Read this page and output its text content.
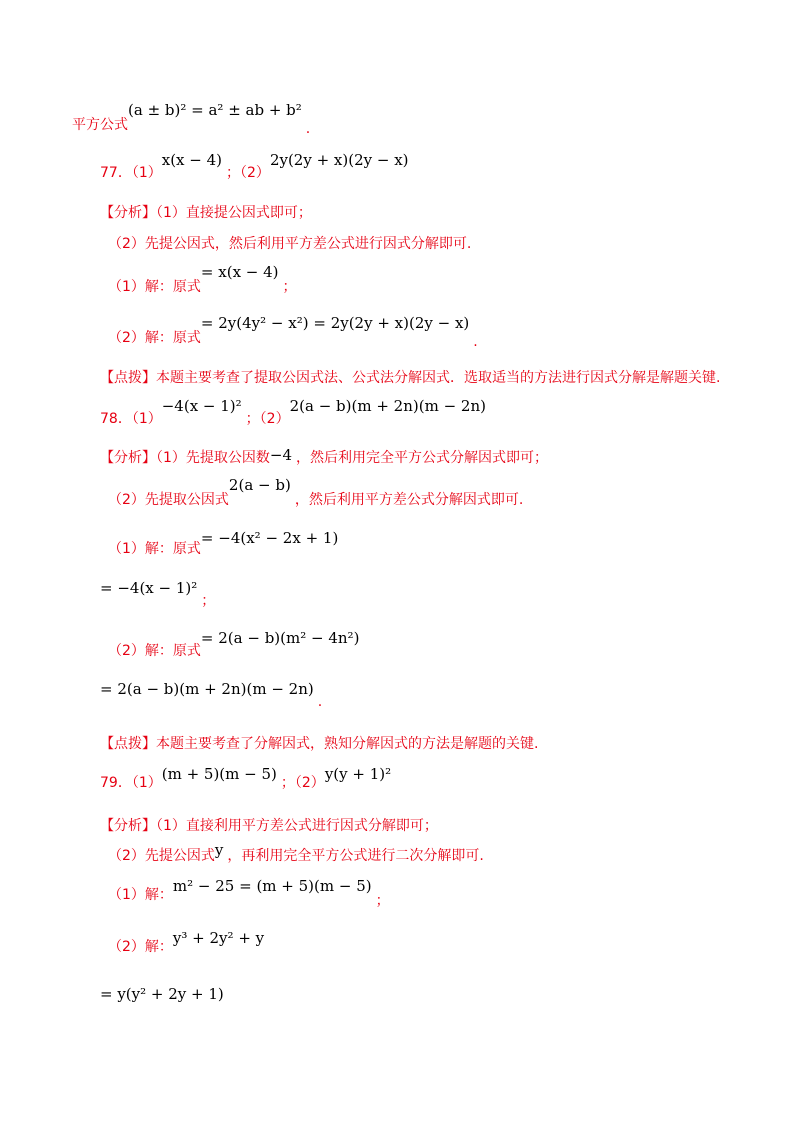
平方公式(a ± b)² = a² ± ab + b².
77．（1）x(x − 4)；（2）2y(2y + x)(2y − x)
【分析】（1）直接提公因式即可；
（2）先提公因式，然后利用平方差公式进行因式分解即可.
（1）解：原式= x(x − 4)；
（2）解：原式= 2y(4y² − x²) = 2y(2y + x)(2y − x).
【点拨】本题主要考查了提取公因式法、公式法分解因式．选取适当的方法进行因式分解是解题关键.
78．（1）−4(x − 1)²；（2）2(a − b)(m + 2n)(m − 2n)
【分析】（1）先提取公因数−4 ，然后利用完全平方公式分解因式即可；
（2）先提取公因式2(a − b)，然后利用平方差公式分解因式即可.
（1）解：原式= −4(x² − 2x + 1)
= −4(x − 1)²；
（2）解：原式= 2(a − b)(m² − 4n²)
= 2(a − b)(m + 2n)(m − 2n).
【点拨】本题主要考查了分解因式，熟知分解因式的方法是解题的关键.
79．（1）(m + 5)(m − 5) ；（2）y(y + 1)²
【分析】（1）直接利用平方差公式进行因式分解即可；
（2）先提公因式y ，再利用完全平方公式进行二次分解即可.
（1）解：m² − 25 = (m + 5)(m − 5)；
（2）解：y³ + 2y² + y
= y(y² + 2y + 1)
